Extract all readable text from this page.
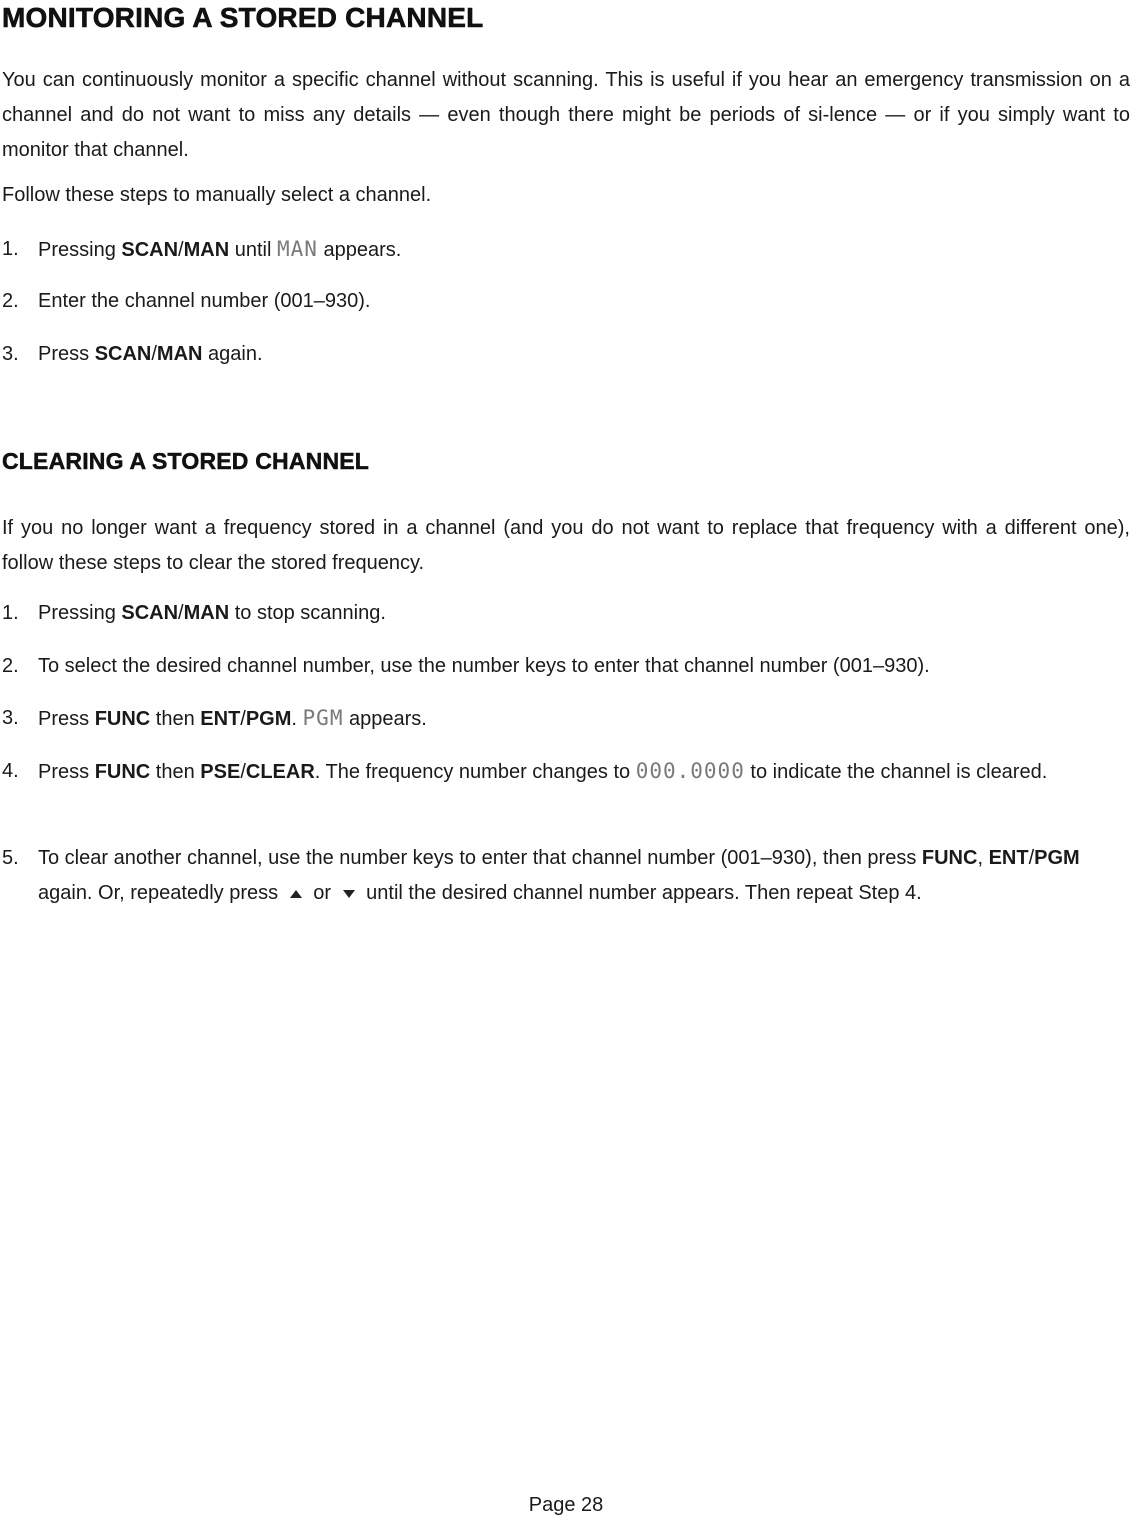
MONITORING A STORED CHANNEL

You can continuously monitor a specific channel without scanning. This is useful if you hear an emergency transmission on a channel and do not want to miss any details — even though there might be periods of si-lence — or if you simply want to monitor that channel.

Follow these steps to manually select a channel.

1. Pressing SCAN/MAN until MAN appears.
2. Enter the channel number (001–930).
3. Press SCAN/MAN again.
CLEARING A STORED CHANNEL

If you no longer want a frequency stored in a channel (and you do not want to replace that frequency with a different one), follow these steps to clear the stored frequency.

1. Pressing SCAN/MAN to stop scanning.
2. To select the desired channel number, use the number keys to enter that channel number (001–930).
3. Press FUNC then ENT/PGM. PGM appears.
4. Press FUNC then PSE/CLEAR. The frequency number changes to 000.0000 to indicate the channel is cleared.
5. To clear another channel, use the number keys to enter that channel number (001–930), then press FUNC, ENT/PGM again. Or, repeatedly press  or  until the desired channel number appears. Then repeat Step 4.
Page 28
